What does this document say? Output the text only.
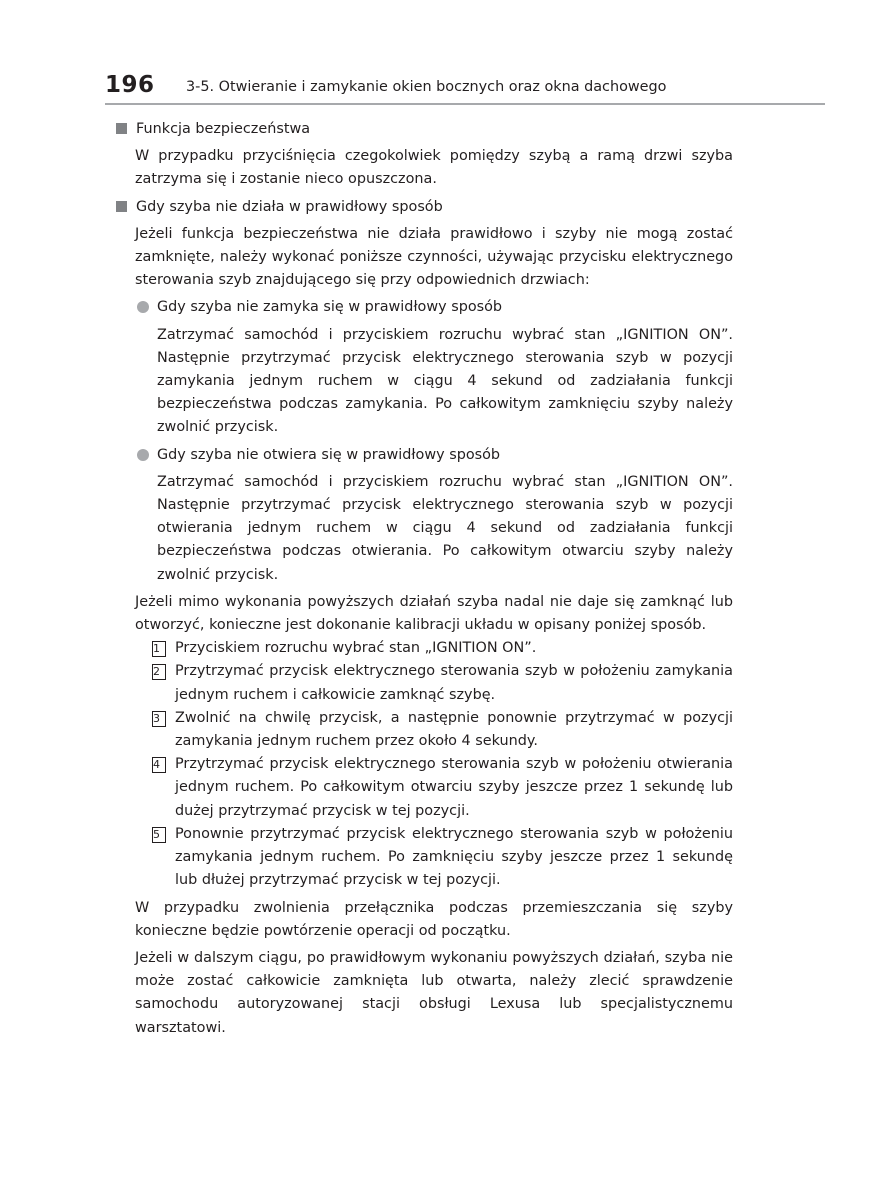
196 3-5. Otwieranie i zamykanie okien bocznych oraz okna dachowego

Funkcja bezpieczeństwa

W przypadku przyciśnięcia czegokolwiek pomiędzy szybą a ramą drzwi szyba zatrzyma się i zostanie nieco opuszczona.

Gdy szyba nie działa w prawidłowy sposób

Jeżeli funkcja bezpieczeństwa nie działa prawidłowo i szyby nie mogą zostać zamknięte, należy wykonać poniższe czynności, używając przycisku elektrycznego sterowania szyb znajdującego się przy odpowiednich drzwiach:

Gdy szyba nie zamyka się w prawidłowy sposób

Zatrzymać samochód i przyciskiem rozruchu wybrać stan „IGNITION ON”. Następnie przytrzymać przycisk elektrycznego sterowania szyb w pozycji zamykania jednym ruchem w ciągu 4 sekund od zadziałania funkcji bezpieczeństwa podczas zamykania. Po całkowitym zamknięciu szyby należy zwolnić przycisk.

Gdy szyba nie otwiera się w prawidłowy sposób

Zatrzymać samochód i przyciskiem rozruchu wybrać stan „IGNITION ON”. Następnie przytrzymać przycisk elektrycznego sterowania szyb w pozycji otwierania jednym ruchem w ciągu 4 sekund od zadziałania funkcji bezpieczeństwa podczas otwierania. Po całkowitym otwarciu szyby należy zwolnić przycisk.

Jeżeli mimo wykonania powyższych działań szyba nadal nie daje się zamknąć lub otworzyć, konieczne jest dokonanie kalibracji układu w opisany poniżej sposób.

1	Przyciskiem rozruchu wybrać stan „IGNITION ON”.

2	Przytrzymać przycisk elektrycznego sterowania szyb w położeniu zamykania jednym ruchem i całkowicie zamknąć szybę.

3	Zwolnić na chwilę przycisk, a następnie ponownie przytrzymać w pozycji zamykania jednym ruchem przez około 4 sekundy.

4	Przytrzymać przycisk elektrycznego sterowania szyb w położeniu otwierania jednym ruchem. Po całkowitym otwarciu szyby jeszcze przez 1 sekundę lub dużej przytrzymać przycisk w tej pozycji.

5	Ponownie przytrzymać przycisk elektrycznego sterowania szyb w położeniu zamykania jednym ruchem. Po zamknięciu szyby jeszcze przez 1 sekundę lub dłużej przytrzymać przycisk w tej pozycji.

W przypadku zwolnienia przełącznika podczas przemieszczania się szyby konieczne będzie powtórzenie operacji od początku.

Jeżeli w dalszym ciągu, po prawidłowym wykonaniu powyższych działań, szyba nie może zostać całkowicie zamknięta lub otwarta, należy zlecić sprawdzenie samochodu autoryzowanej stacji obsługi Lexusa lub specjalistycznemu warsztatowi.
